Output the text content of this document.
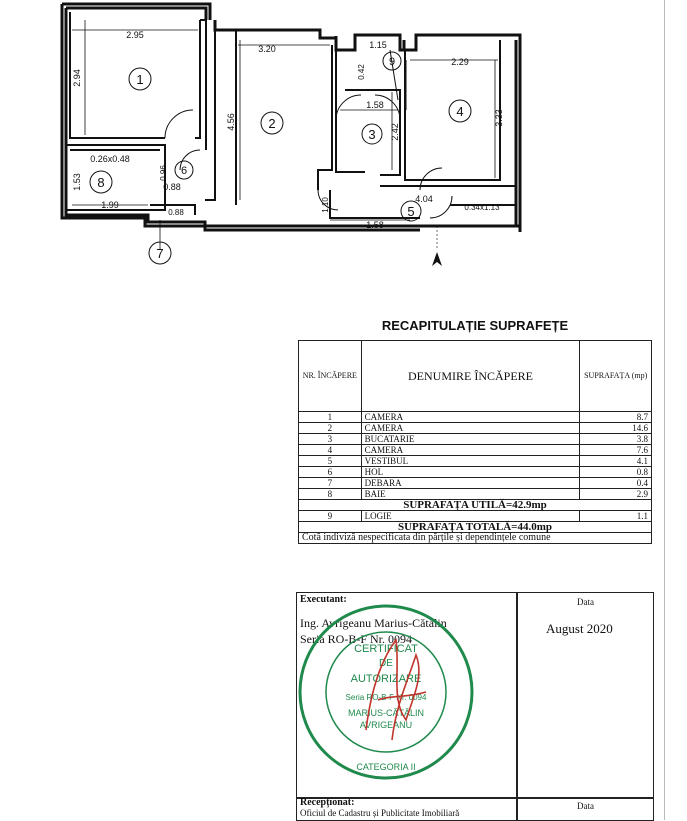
1
2
3
4
5
6
7
8
9
2.95
3.20	1.15
2.29
1.58
0.26x0.48
0.88
1.99
0.88
1.58
4.04
0.34x1.13
2.94
4.56
0.42
2.42
3.33
0.96
1.53
1.10
RECAPITULAȚIE SUPRAFEȚE
NR. ÎNCĂPERE	DENUMIRE ÎNCĂPERE	SUPRAFAȚA (mp)
1	CAMERA	8.7
2	CAMERA	14.6
3	BUCATARIE	3.8
4	CAMERA	7.6
5	VESTIBUL	4.1
6	HOL	0.8
7	DEBARA	0.4
8	BAIE	2.9
SUPRAFAȚA UTILĂ=42.9mp		
9	LOGIE	1.1
SUPRAFAȚA TOTALĂ=44.0mp		
Cotă indiviză nespecificata din părțile și dependințele comune		
Executant:	Data
Ing. Avrigeanu Marius-Cătălin
Seria RO-B-F Nr. 0094
August 2020
Recepționat:
Oficiul de Cadastru și Publicitate Imobiliară
Data
CERTIFICAT
DE
AUTORIZARE
Seria RO-B-F Nr. 0094
MARIUS-CĂTĂLIN
AVRIGEANU
CATEGORIA II
